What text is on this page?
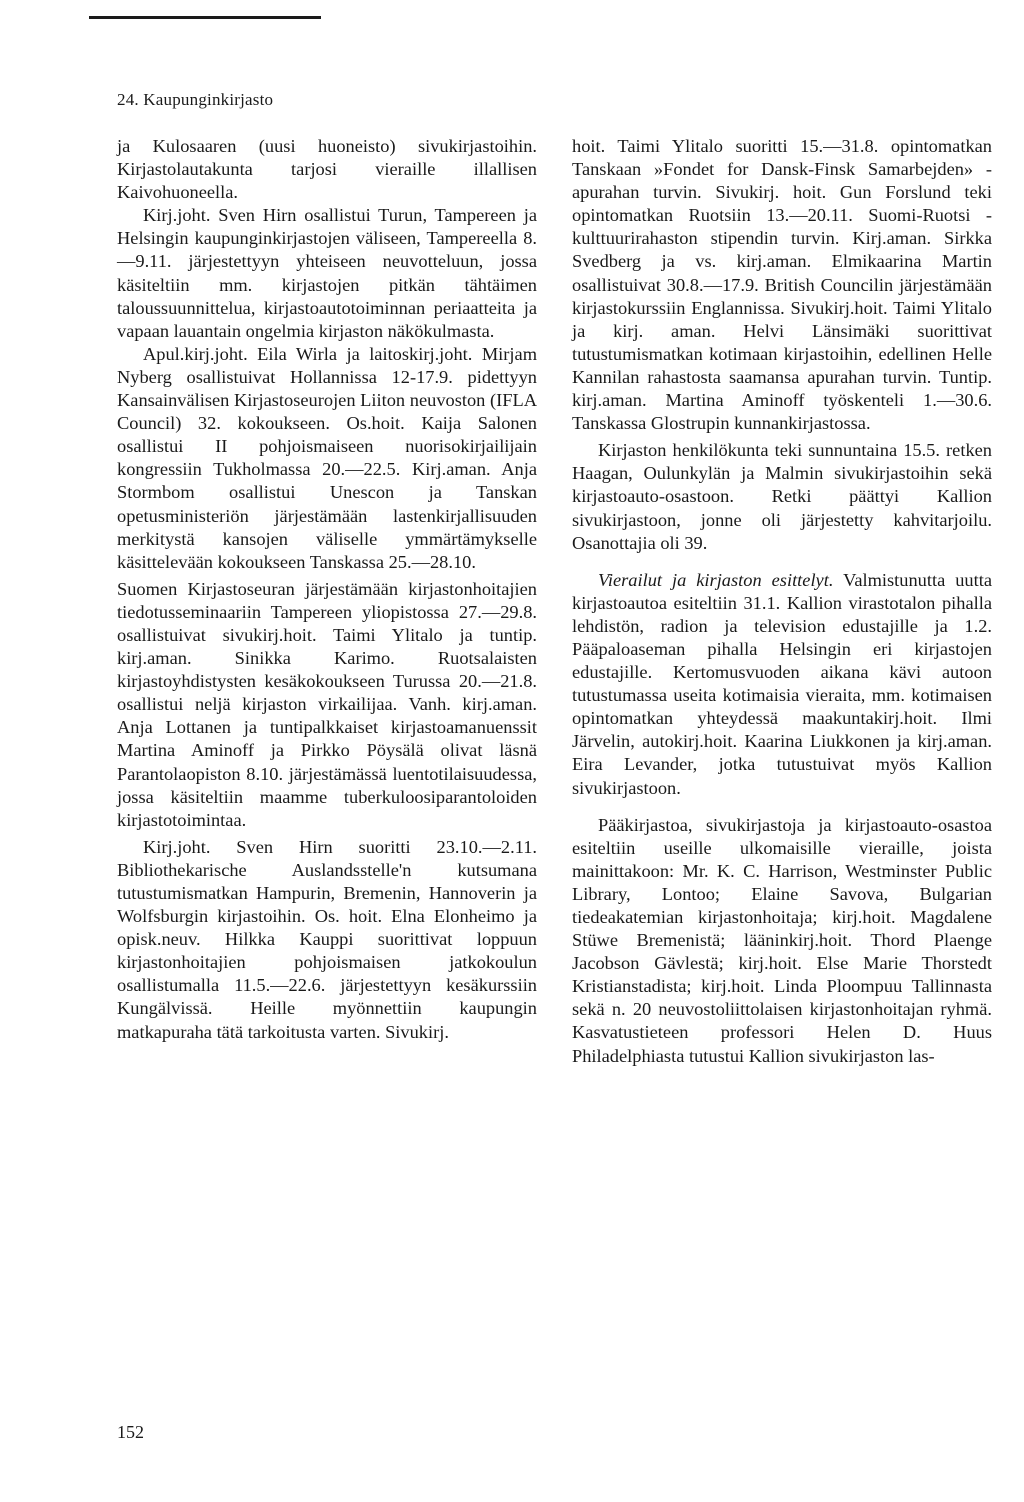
24. Kaupunginkirjasto

ja Kulosaaren (uusi huoneisto) sivukirjastoihin. Kirjastolautakunta tarjosi vieraille illallisen Kaivohuoneella.

Kirj.joht. Sven Hirn osallistui Turun, Tampereen ja Helsingin kaupunginkirjastojen väliseen, Tampereella 8.—9.11. järjestettyyn yhteiseen neuvotteluun, jossa käsiteltiin mm. kirjastojen pitkän tähtäimen taloussuunnittelua, kirjastoautotoiminnan periaatteita ja vapaan lauantain ongelmia kirjaston näkökulmasta.

Apul.kirj.joht. Eila Wirla ja laitoskirj.joht. Mirjam Nyberg osallistuivat Hollannissa 12-17.9. pidettyyn Kansainvälisen Kirjastoseurojen Liiton neuvoston (IFLA Council) 32. kokoukseen. Os.hoit. Kaija Salonen osallistui II pohjoismaiseen nuorisokirjailijain kongressiin Tukholmassa 20.—22.5. Kirj.aman. Anja Stormbom osallistui Unescon ja Tanskan opetusministeriön järjestämään lastenkirjallisuuden merkitystä kansojen väliselle ymmärtämykselle käsittelevään kokoukseen Tanskassa 25.—28.10.

Suomen Kirjastoseuran järjestämään kirjastonhoitajien tiedotusseminaariin Tampereen yliopistossa 27.—29.8. osallistuivat sivukirj.hoit. Taimi Ylitalo ja tuntip. kirj.aman. Sinikka Karimo. Ruotsalaisten kirjastoyhdistysten kesäkokoukseen Turussa 20.—21.8. osallistui neljä kirjaston virkailijaa. Vanh. kirj.aman. Anja Lottanen ja tuntipalkkaiset kirjastoamanuenssit Martina Aminoff ja Pirkko Pöysälä olivat läsnä Parantolaopiston 8.10. järjestämässä luentotilaisuudessa, jossa käsiteltiin maamme tuberkuloosiparantoloiden kirjastotoimintaa.

Kirj.joht. Sven Hirn suoritti 23.10.—2.11. Bibliothekarische Auslandsstelle'n kutsumana tutustumismatkan Hampurin, Bremenin, Hannoverin ja Wolfsburgin kirjastoihin. Os. hoit. Elna Elonheimo ja opisk.neuv. Hilkka Kauppi suorittivat loppuun kirjastonhoitajien pohjoismaisen jatkokoulun osallistumalla 11.5.—22.6. järjestettyyn kesäkurssiin Kungälvissä. Heille myönnettiin kaupungin matkapuraha tätä tarkoitusta varten. Sivukirj.

hoit. Taimi Ylitalo suoritti 15.—31.8. opintomatkan Tanskaan »Fondet for Dansk-Finsk Samarbejden» -apurahan turvin. Sivukirj. hoit. Gun Forslund teki opintomatkan Ruotsiin 13.—20.11. Suomi-Ruotsi -kulttuurirahaston stipendin turvin. Kirj.aman. Sirkka Svedberg ja vs. kirj.aman. Elmikaarina Martin osallistuivat 30.8.—17.9. British Councilin järjestämään kirjastokurssiin Englannissa. Sivukirj.hoit. Taimi Ylitalo ja kirj. aman. Helvi Länsimäki suorittivat tutustumismatkan kotimaan kirjastoihin, edellinen Helle Kannilan rahastosta saamansa apurahan turvin. Tuntip. kirj.aman. Martina Aminoff työskenteli 1.—30.6. Tanskassa Glostrupin kunnankirjastossa.

Kirjaston henkilökunta teki sunnuntaina 15.5. retken Haagan, Oulunkylän ja Malmin sivukirjastoihin sekä kirjastoauto-osastoon. Retki päättyi Kallion sivukirjastoon, jonne oli järjestetty kahvitarjoilu. Osanottajia oli 39.

Vierailut ja kirjaston esittelyt. Valmistunutta uutta kirjastoautoa esiteltiin 31.1. Kallion virastotalon pihalla lehdistön, radion ja television edustajille ja 1.2. Pääpaloaseman pihalla Helsingin eri kirjastojen edustajille. Kertomusvuoden aikana kävi autoon tutustumassa useita kotimaisia vieraita, mm. kotimaisen opintomatkan yhteydessä maakuntakirj.hoit. Ilmi Järvelin, autokirj.hoit. Kaarina Liukkonen ja kirj.aman. Eira Levander, jotka tutustuivat myös Kallion sivukirjastoon.

Pääkirjastoa, sivukirjastoja ja kirjastoauto-osastoa esiteltiin useille ulkomaisille vieraille, joista mainittakoon: Mr. K. C. Harrison, Westminster Public Library, Lontoo; Elaine Savova, Bulgarian tiedeakatemian kirjastonhoitaja; kirj.hoit. Magdalene Stüwe Bremenistä; lääninkirj.hoit. Thord Plaenge Jacobson Gävlestä; kirj.hoit. Else Marie Thorstedt Kristianstadista; kirj.hoit. Linda Ploompuu Tallinnasta sekä n. 20 neuvostoliittolaisen kirjastonhoitajan ryhmä. Kasvatustieteen professori Helen D. Huus Philadelphiasta tutustui Kallion sivukirjaston las-

152
